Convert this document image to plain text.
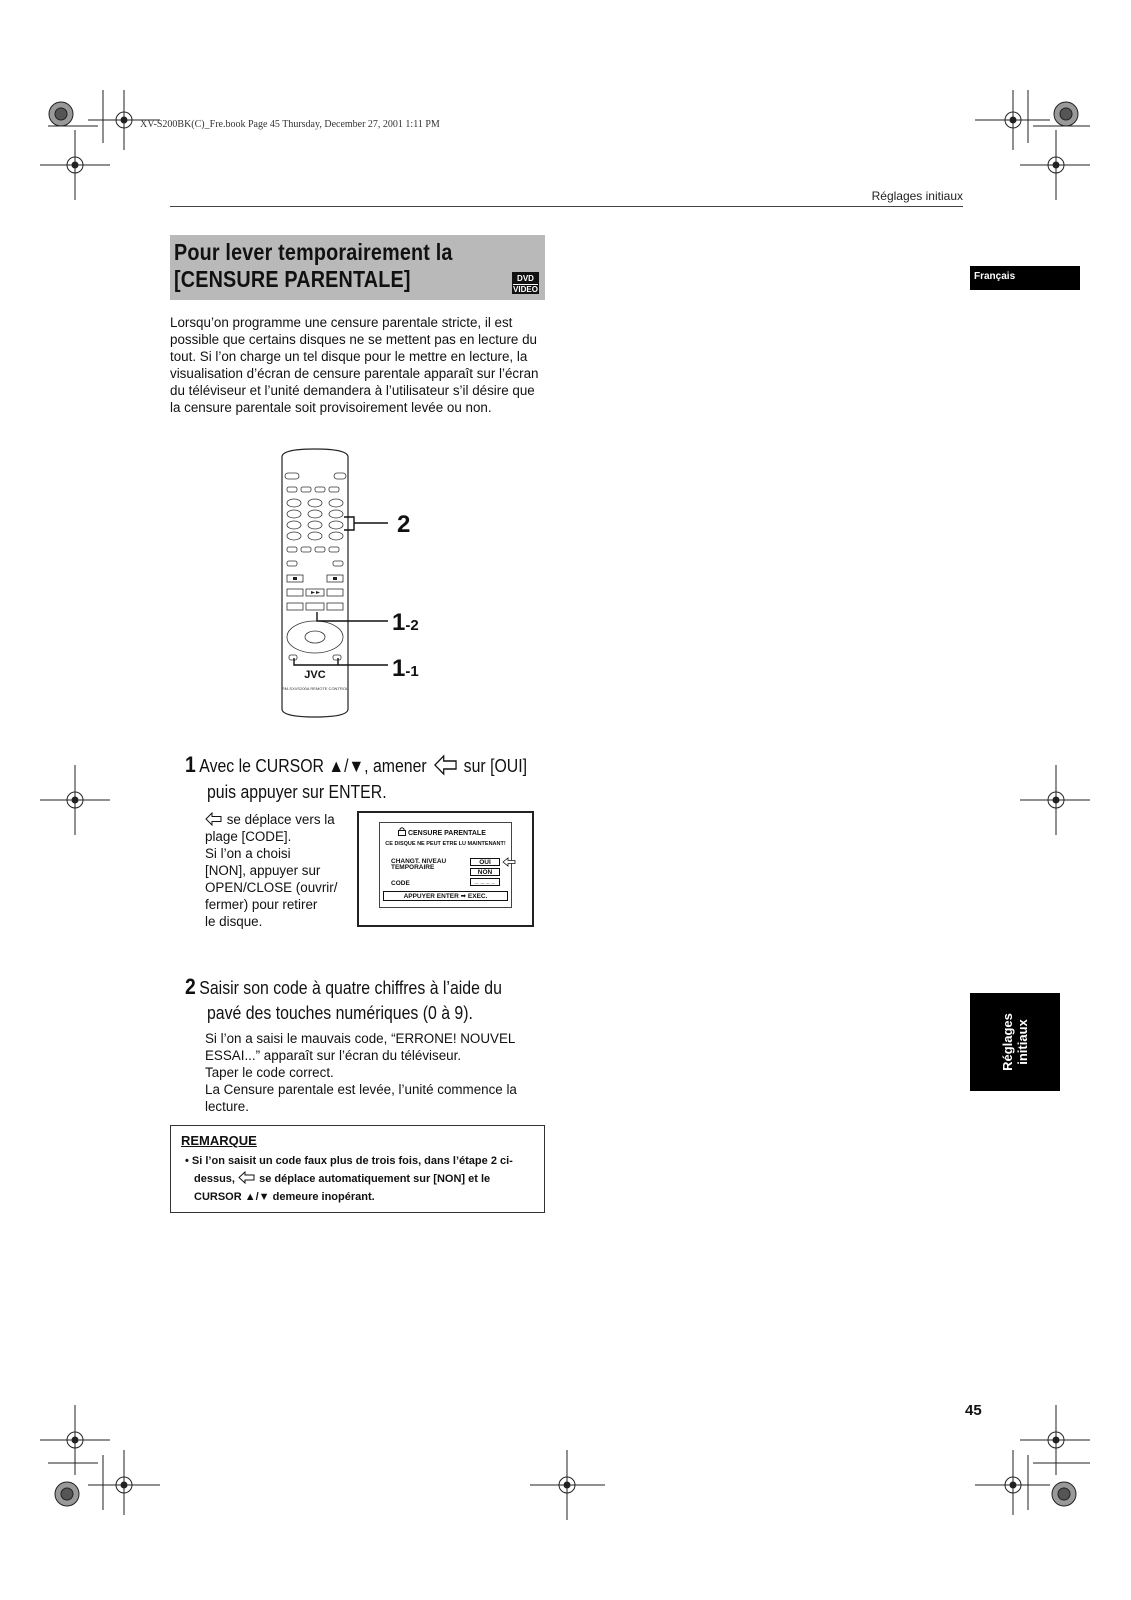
XV-S200BK(C)_Fre.book Page 45 Thursday, December 27, 2001 1:11 PM
Réglages initiaux
Pour lever temporairement la
[CENSURE PARENTALE]	DVD
VIDEO
Français

Lorsqu’on programme une censure parentale stricte, il est possible que certains disques ne se mettent pas en lecture du tout. Si l’on charge un tel disque pour le mettre en lecture, la visualisation d’écran de censure parentale apparaît sur l’écran du téléviseur et l’unité demandera à l’utilisateur s’il désire que la censure parentale soit provisoirement levée ou non.

JVC
RM-SXVS200A REMOTE CONTROL
2
1-2
1-1
1 Avec le CURSOR ▲/▼, amener sur [OUI]
puis appuyer sur ENTER.
se déplace vers la
plage [CODE].
Si l’on a choisi
[NON], appuyer sur
OPEN/CLOSE (ouvrir/
fermer) pour retirer
le disque.
CENSURE PARENTALE
CE DISQUE NE PEUT ETRE LU MAINTENANT!
CHANGT. NIVEAU
TEMPORAIRE
OUI
NON
CODE	_ _ _ _
APPUYER ENTER ➡ EXEC.
2 Saisir son code à quatre chiffres à l’aide du
pavé des touches numériques (0 à 9).
Si l’on a saisi le mauvais code, “ERRONE! NOUVEL
ESSAI...” apparaît sur l’écran du téléviseur.
Taper le code correct.
La Censure parentale est levée, l’unité commence la
lecture.
REMARQUE
• Si l’on saisit un code faux plus de trois fois, dans l’étape 2 ci-dessus, se déplace automatiquement sur [NON] et le CURSOR ▲/▼ demeure inopérant.
Réglages initiaux
45
